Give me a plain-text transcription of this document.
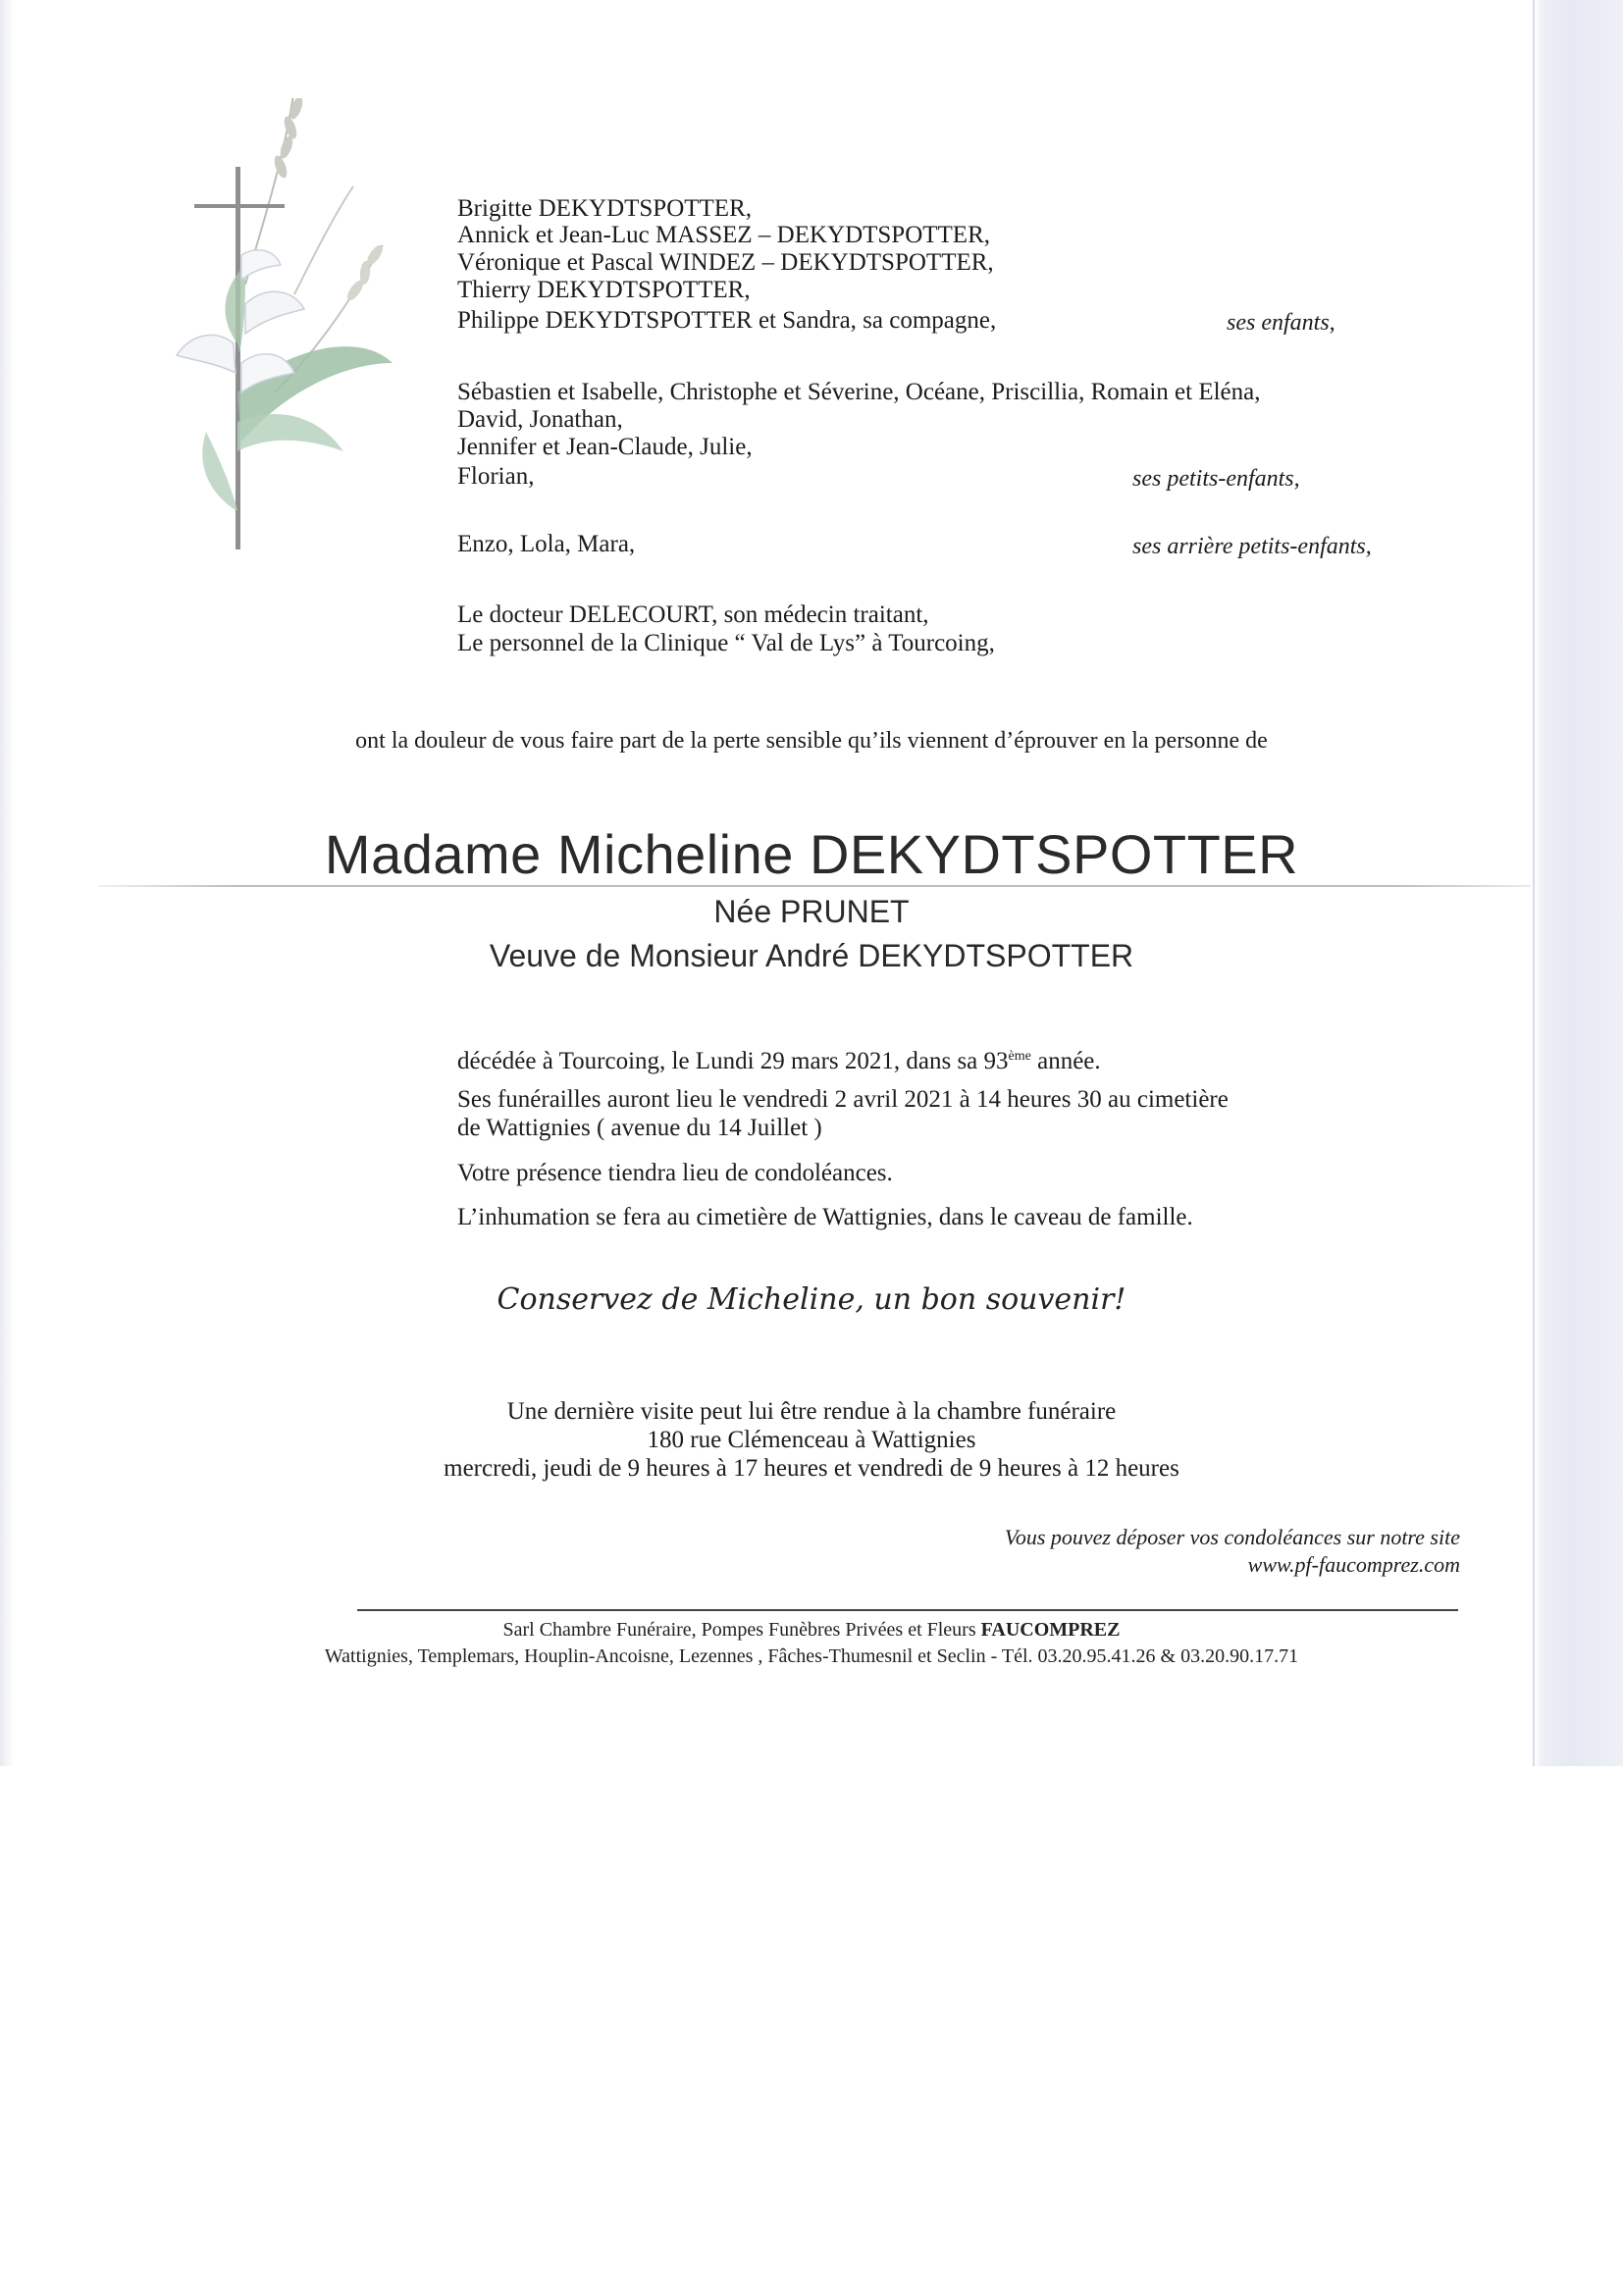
Brigitte DEKYDTSPOTTER,
Annick et Jean-Luc MASSEZ – DEKYDTSPOTTER,
Véronique et Pascal WINDEZ – DEKYDTSPOTTER,
Thierry DEKYDTSPOTTER,
Philippe DEKYDTSPOTTER et Sandra, sa compagne,	ses enfants,
Sébastien et Isabelle, Christophe et Séverine, Océane, Priscillia, Romain et Eléna,
David, Jonathan,
Jennifer et Jean-Claude, Julie,
Florian,	ses petits-enfants,
Enzo, Lola, Mara,	ses arrière petits-enfants,
Le docteur DELECOURT, son médecin traitant,
Le personnel de la Clinique “ Val de Lys” à Tourcoing,
ont la douleur de vous faire part de la perte sensible qu’ils viennent d’éprouver en la personne de
Madame Micheline DEKYDTSPOTTER
Née PRUNET
Veuve de Monsieur André DEKYDTSPOTTER
décédée à Tourcoing, le Lundi 29 mars 2021, dans sa 93ème année.
Ses funérailles auront lieu le vendredi 2 avril 2021 à 14 heures 30 au cimetière
de Wattignies ( avenue du 14 Juillet )
Votre présence tiendra lieu de condoléances.
L’inhumation se fera au cimetière de Wattignies, dans le caveau de famille.
Conservez de Micheline, un bon souvenir!
Une dernière visite peut lui être rendue à la chambre funéraire
180 rue Clémenceau à Wattignies
mercredi, jeudi de 9 heures à 17 heures et vendredi de 9 heures à 12 heures
Vous pouvez déposer vos condoléances sur notre site
www.pf-faucomprez.com
Sarl Chambre Funéraire, Pompes Funèbres Privées et Fleurs FAUCOMPREZ
Wattignies, Templemars, Houplin-Ancoisne, Lezennes , Fâches-Thumesnil et Seclin - Tél. 03.20.95.41.26 & 03.20.90.17.71
